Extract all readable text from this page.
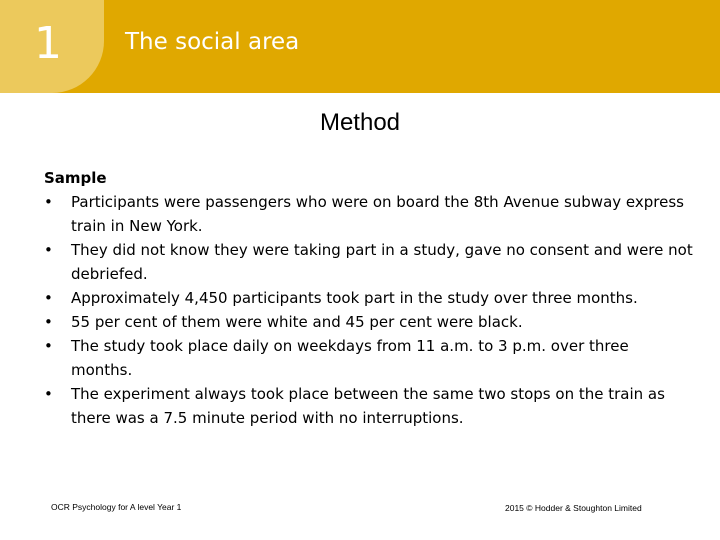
1	The social area
Method

Sample

•	Participants were passengers who were on board the 8th Avenue subway express train in New York.
•	They did not know they were taking part in a study, gave no consent and were not debriefed.
•	Approximately 4,450 participants took part in the study over three months.
•	55 per cent of them were white and 45 per cent were black.
•	The study took place daily on weekdays from 11 a.m. to 3 p.m. over three months.
•	The experiment always took place between the same two stops on the train as there was a 7.5 minute period with no interruptions.
OCR Psychology for A level Year 1	2015 © Hodder & Stoughton Limited
